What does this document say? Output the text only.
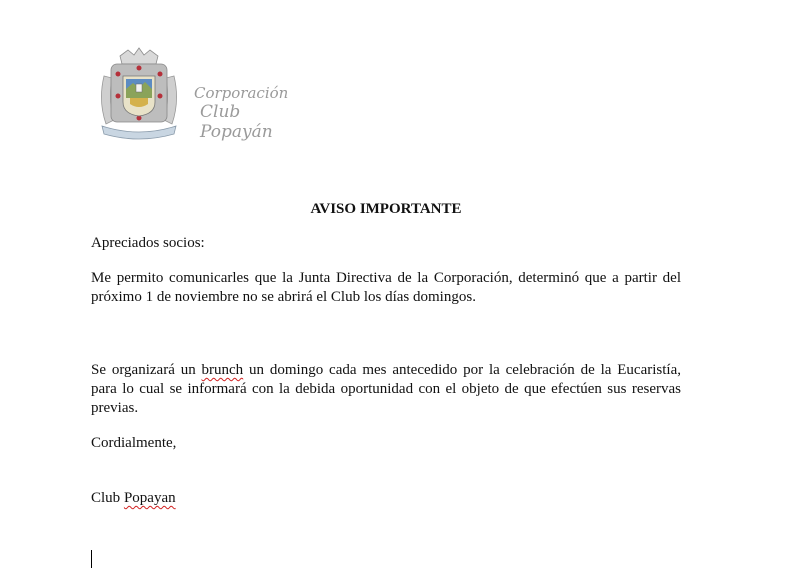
Corporación
Club Popayán
AVISO IMPORTANTE

Apreciados socios:

Me permito comunicarles que la Junta Directiva de la Corporación, determinó que a partir del próximo 1 de noviembre no se abrirá el Club los días domingos.

Se organizará un brunch un domingo cada mes antecedido por la celebración de la Eucaristía, para lo cual se informará con la debida oportunidad con el objeto de que efectúen sus reservas previas.

Cordialmente,

Club Popayan
